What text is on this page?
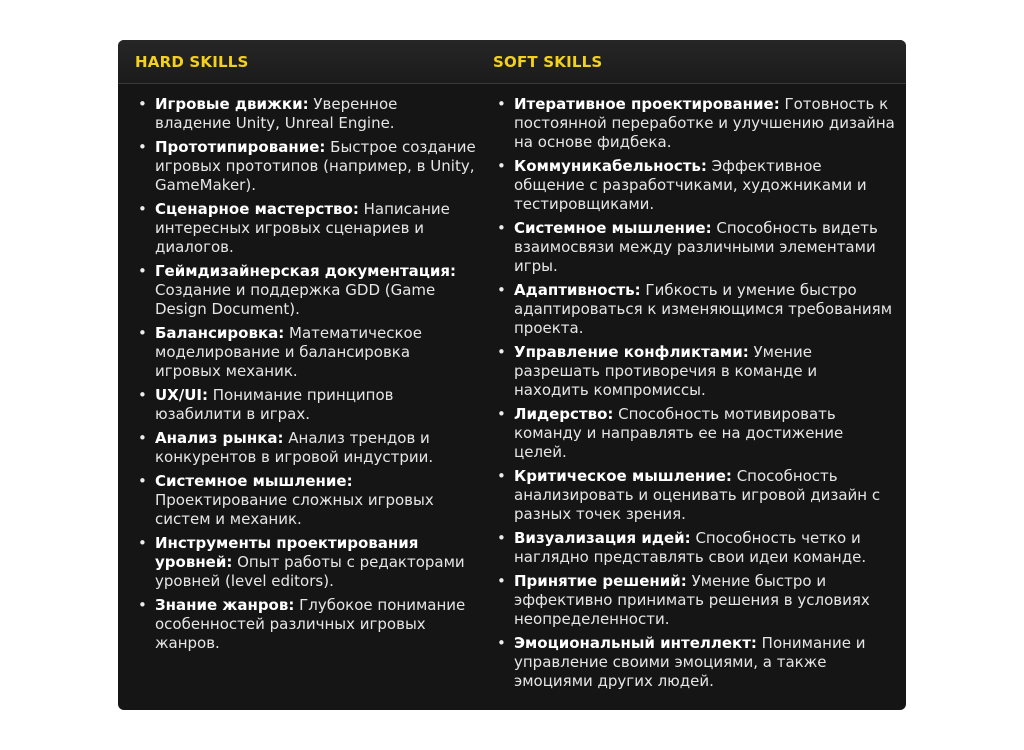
HARD SKILLS	SOFT SKILLS
• Игровые движки: Уверенное владение Unity, Unreal Engine.
• Прототипирование: Быстрое создание игровых прототипов (например, в Unity, GameMaker).
• Сценарное мастерство: Написание интересных игровых сценариев и диалогов.
• Геймдизайнерская документация: Создание и поддержка GDD (Game Design Document).
• Балансировка: Математическое моделирование и балансировка игровых механик.
• UX/UI: Понимание принципов юзабилити в играх.
• Анализ рынка: Анализ трендов и конкурентов в игровой индустрии.
• Системное мышление: Проектирование сложных игровых систем и механик.
• Инструменты проектирования уровней: Опыт работы с редакторами уровней (level editors).
• Знание жанров: Глубокое понимание особенностей различных игровых жанров.
• Итеративное проектирование: Готовность к постоянной переработке и улучшению дизайна на основе фидбека.
• Коммуникабельность: Эффективное общение с разработчиками, художниками и тестировщиками.
• Системное мышление: Способность видеть взаимосвязи между различными элементами игры.
• Адаптивность: Гибкость и умение быстро адаптироваться к изменяющимся требованиям проекта.
• Управление конфликтами: Умение разрешать противоречия в команде и находить компромиссы.
• Лидерство: Способность мотивировать команду и направлять ее на достижение целей.
• Критическое мышление: Способность анализировать и оценивать игровой дизайн с разных точек зрения.
• Визуализация идей: Способность четко и наглядно представлять свои идеи команде.
• Принятие решений: Умение быстро и эффективно принимать решения в условиях неопределенности.
• Эмоциональный интеллект: Понимание и управление своими эмоциями, а также эмоциями других людей.
